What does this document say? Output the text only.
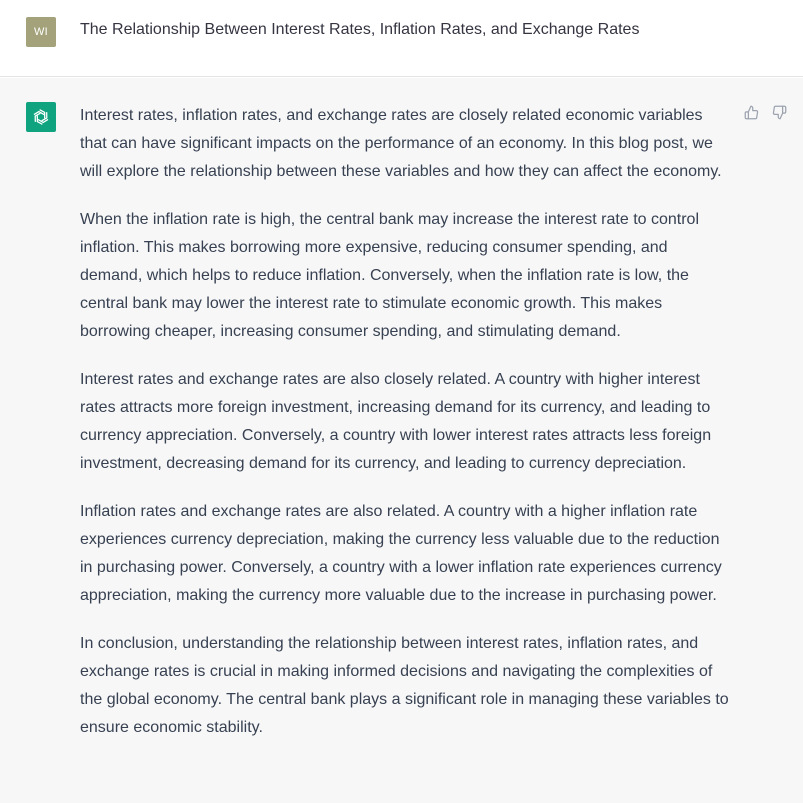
WI	The Relationship Between Interest Rates, Inflation Rates, and Exchange Rates

Interest rates, inflation rates, and exchange rates are closely related economic variables that can have significant impacts on the performance of an economy. In this blog post, we will explore the relationship between these variables and how they can affect the economy.

When the inflation rate is high, the central bank may increase the interest rate to control inflation. This makes borrowing more expensive, reducing consumer spending, and demand, which helps to reduce inflation. Conversely, when the inflation rate is low, the central bank may lower the interest rate to stimulate economic growth. This makes borrowing cheaper, increasing consumer spending, and stimulating demand.

Interest rates and exchange rates are also closely related. A country with higher interest rates attracts more foreign investment, increasing demand for its currency, and leading to currency appreciation. Conversely, a country with lower interest rates attracts less foreign investment, decreasing demand for its currency, and leading to currency depreciation.

Inflation rates and exchange rates are also related. A country with a higher inflation rate experiences currency depreciation, making the currency less valuable due to the reduction in purchasing power. Conversely, a country with a lower inflation rate experiences currency appreciation, making the currency more valuable due to the increase in purchasing power.

In conclusion, understanding the relationship between interest rates, inflation rates, and exchange rates is crucial in making informed decisions and navigating the complexities of the global economy. The central bank plays a significant role in managing these variables to ensure economic stability.
